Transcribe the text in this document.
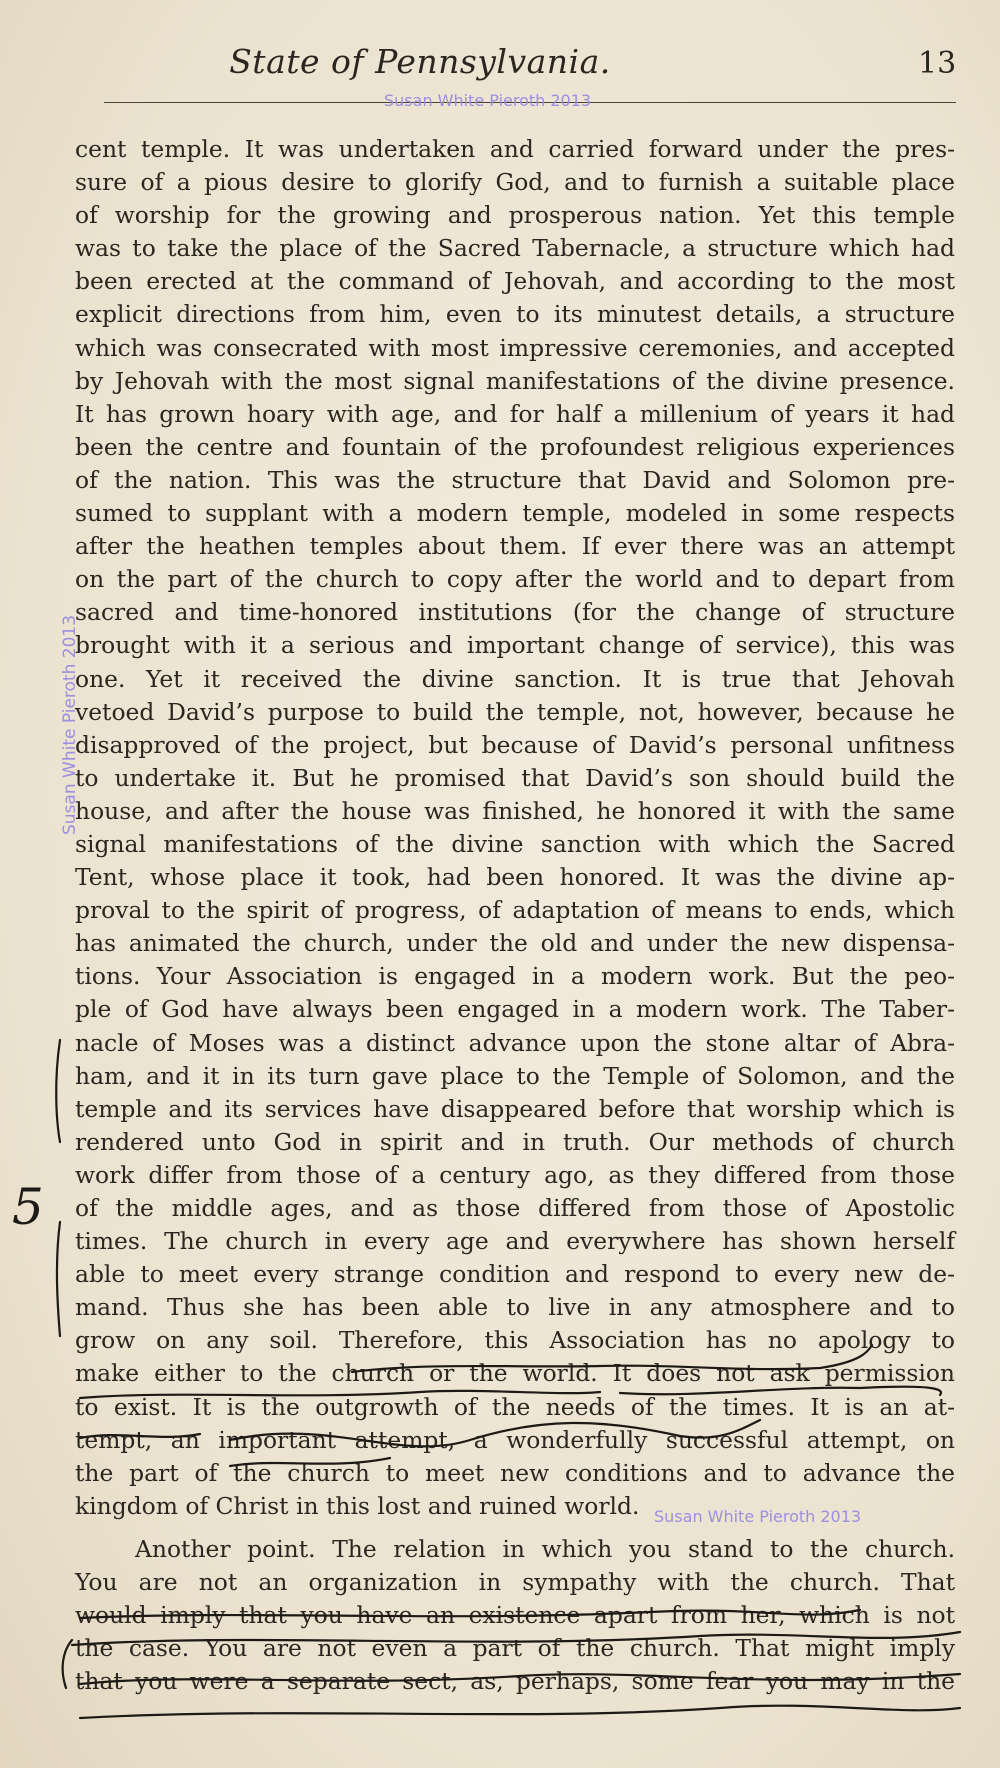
State of Pennsylvania.	13
Susan White Pieroth 2013
Susan White Pieroth 2013
cent temple. It was undertaken and carried forward under the pres-
sure of a pious desire to glorify God, and to furnish a suitable place
of worship for the growing and prosperous nation. Yet this temple
was to take the place of the Sacred Tabernacle, a structure which had
been erected at the command of Jehovah, and according to the most
explicit directions from him, even to its minutest details, a structure
which was consecrated with most impressive ceremonies, and accepted
by Jehovah with the most signal manifestations of the divine presence.
It has grown hoary with age, and for half a millenium of years it had
been the centre and fountain of the profoundest religious experiences
of the nation. This was the structure that David and Solomon pre-
sumed to supplant with a modern temple, modeled in some respects
after the heathen temples about them. If ever there was an attempt
on the part of the church to copy after the world and to depart from
sacred and time-honored institutions (for the change of structure
brought with it a serious and important change of service), this was
one. Yet it received the divine sanction. It is true that Jehovah
vetoed David’s purpose to build the temple, not, however, because he
disapproved of the project, but because of David’s personal unfitness
to undertake it. But he promised that David’s son should build the
house, and after the house was finished, he honored it with the same
signal manifestations of the divine sanction with which the Sacred
Tent, whose place it took, had been honored. It was the divine ap-
proval to the spirit of progress, of adaptation of means to ends, which
has animated the church, under the old and under the new dispensa-
tions. Your Association is engaged in a modern work. But the peo-
ple of God have always been engaged in a modern work. The Taber-
nacle of Moses was a distinct advance upon the stone altar of Abra-
ham, and it in its turn gave place to the Temple of Solomon, and the
temple and its services have disappeared before that worship which is
rendered unto God in spirit and in truth. Our methods of church
work differ from those of a century ago, as they differed from those
of the middle ages, and as those differed from those of Apostolic
times. The church in every age and everywhere has shown herself
able to meet every strange condition and respond to every new de-
mand. Thus she has been able to live in any atmosphere and to
grow on any soil. Therefore, this Association has no apology to
make either to the church or the world. It does not ask permission
to exist. It is the outgrowth of the needs of the times. It is an at-
tempt, an important attempt, a wonderfully successful attempt, on
the part of the church to meet new conditions and to advance the
kingdom of Christ in this lost and ruined world.
Another point. The relation in which you stand to the church.
You are not an organization in sympathy with the church. That
would imply that you have an existence apart from her, which is not
the case. You are not even a part of the church. That might imply
that you were a separate sect, as, perhaps, some fear you may in the
Susan White Pieroth 2013
5
